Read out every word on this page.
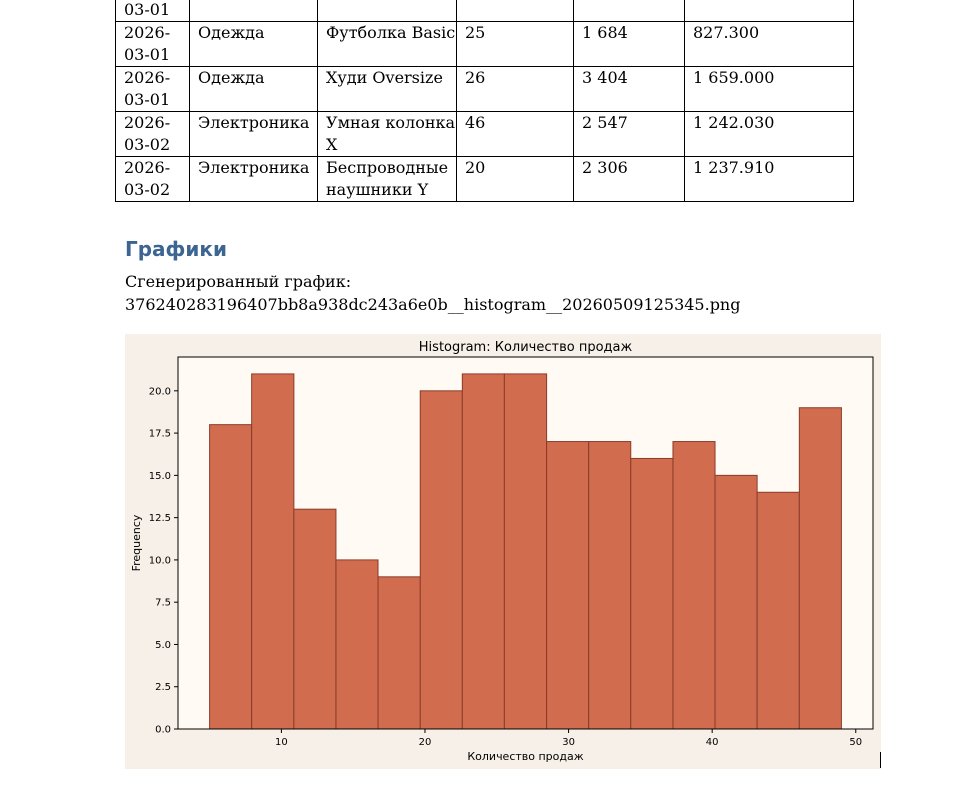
03-01					
2026-
03-01	Одежда	Футболка Basic	25	1 684	827.300
2026-
03-01	Одежда	Худи Oversize	26	3 404	1 659.000
2026-
03-02	Электроника	Умная колонка X	46	2 547	1 242.030
2026-
03-02	Электроника	Беспроводные наушники Y	20	2 306	1 237.910
Графики
Сгенерированный график:
376240283196407bb8a938dc243a6e0b__histogram__20260509125345.png
10	20	30	40	50
0.0
2.5
5.0
7.5
10.0
12.5
15.0
17.5
20.0
Histogram: Количество продаж
Количество продаж
Frequency
